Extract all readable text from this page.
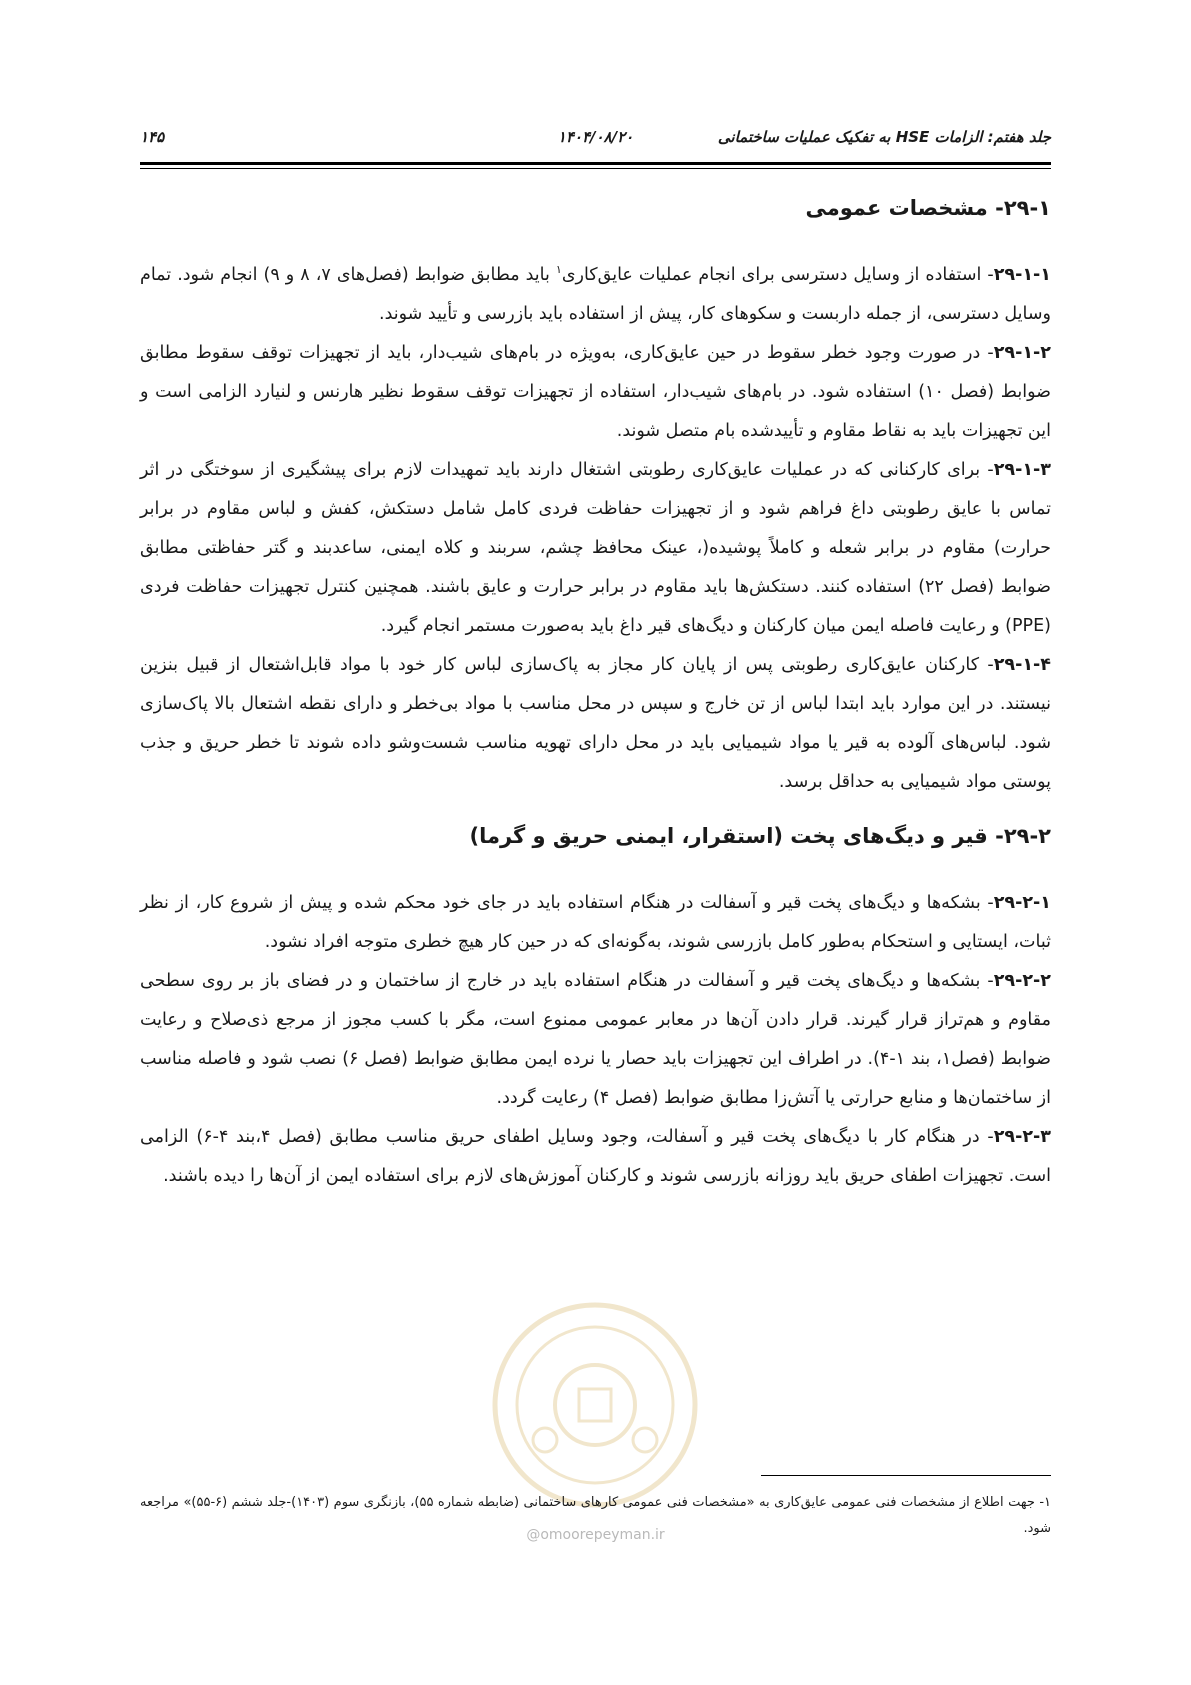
جلد هفتم: الزامات HSE به تفکیک عملیات ساختمانی
۱۴۰۴/۰۸/۲۰
۱۴۵
۲۹-۱- مشخصات عمومی

۲۹-۱-۱- استفاده از وسایل دسترسی برای انجام عملیات عایق‌کاری$^۱$ باید مطابق ضوابط (فصل‌های ۷، ۸ و ۹) انجام شود. تمام وسایل دسترسی، از جمله داربست و سکوهای کار، پیش از استفاده باید بازرسی و تأیید شوند.

۲۹-۱-۲- در صورت وجود خطر سقوط در حین عایق‌کاری، به‌ویژه در بام‌های شیب‌دار، باید از تجهیزات توقف سقوط مطابق ضوابط (فصل ۱۰) استفاده شود. در بام‌های شیب‌دار، استفاده از تجهیزات توقف سقوط نظیر هارنس و لنیارد الزامی است و این تجهیزات باید به نقاط مقاوم و تأییدشده بام متصل شوند.

۲۹-۱-۳- برای کارکنانی که در عملیات عایق‌کاری رطوبتی اشتغال دارند باید تمهیدات لازم برای پیشگیری از سوختگی در اثر تماس با عایق رطوبتی داغ فراهم شود و از تجهیزات حفاظت فردی کامل شامل دستکش، کفش و لباس مقاوم در برابر حرارت) مقاوم در برابر شعله و کاملاً پوشیده(، عینک محافظ چشم، سربند و کلاه ایمنی، ساعدبند و گتر حفاظتی مطابق ضوابط (فصل ۲۲) استفاده کنند. دستکش‌ها باید مقاوم در برابر حرارت و عایق باشند. همچنین کنترل تجهیزات حفاظت فردی (PPE) و رعایت فاصله ایمن میان کارکنان و دیگ‌های قیر داغ باید به‌صورت مستمر انجام گیرد.

۲۹-۱-۴- کارکنان عایق‌کاری رطوبتی پس از پایان کار مجاز به پاک‌سازی لباس کار خود با مواد قابل‌اشتعال از قبیل بنزین نیستند. در این موارد باید ابتدا لباس از تن خارج و سپس در محل مناسب با مواد بی‌خطر و دارای نقطه اشتعال بالا پاک‌سازی شود. لباس‌های آلوده به قیر یا مواد شیمیایی باید در محل دارای تهویه مناسب شست‌وشو داده شوند تا خطر حریق و جذب پوستی مواد شیمیایی به حداقل برسد.

۲۹-۲- قیر و دیگ‌های پخت (استقرار، ایمنی حریق و گرما)

۲۹-۲-۱- بشکه‌ها و دیگ‌های پخت قیر و آسفالت در هنگام استفاده باید در جای خود محکم شده و پیش از شروع کار، از نظر ثبات، ایستایی و استحکام به‌طور کامل بازرسی شوند، به‌گونه‌ای که در حین کار هیچ خطری متوجه افراد نشود.

۲۹-۲-۲- بشکه‌ها و دیگ‌های پخت قیر و آسفالت در هنگام استفاده باید در خارج از ساختمان و در فضای باز بر روی سطحی مقاوم و هم‌تراز قرار گیرند. قرار دادن آن‌ها در معابر عمومی ممنوع است، مگر با کسب مجوز از مرجع ذی‌صلاح و رعایت ضوابط (فصل۱، بند ۱-۴). در اطراف این تجهیزات باید حصار یا نرده ایمن مطابق ضوابط (فصل ۶) نصب شود و فاصله مناسب از ساختمان‌ها و منابع حرارتی یا آتش‌زا مطابق ضوابط (فصل ۴) رعایت گردد.

۲۹-۲-۳- در هنگام کار با دیگ‌های پخت قیر و آسفالت، وجود وسایل اطفای حریق مناسب مطابق (فصل ۴،بند ۴-۶) الزامی است. تجهیزات اطفای حریق باید روزانه بازرسی شوند و کارکنان آموزش‌های لازم برای استفاده ایمن از آن‌ها را دیده باشند.

۱- جهت اطلاع از مشخصات فنی عمومی عایق‌کاری به «مشخصات فنی عمومی کارهای ساختمانی (ضابطه شماره ۵۵)، بازنگری سوم (۱۴۰۳)-جلد ششم (۶-۵۵)» مراجعه شود.
@omoorepeyman.ir
